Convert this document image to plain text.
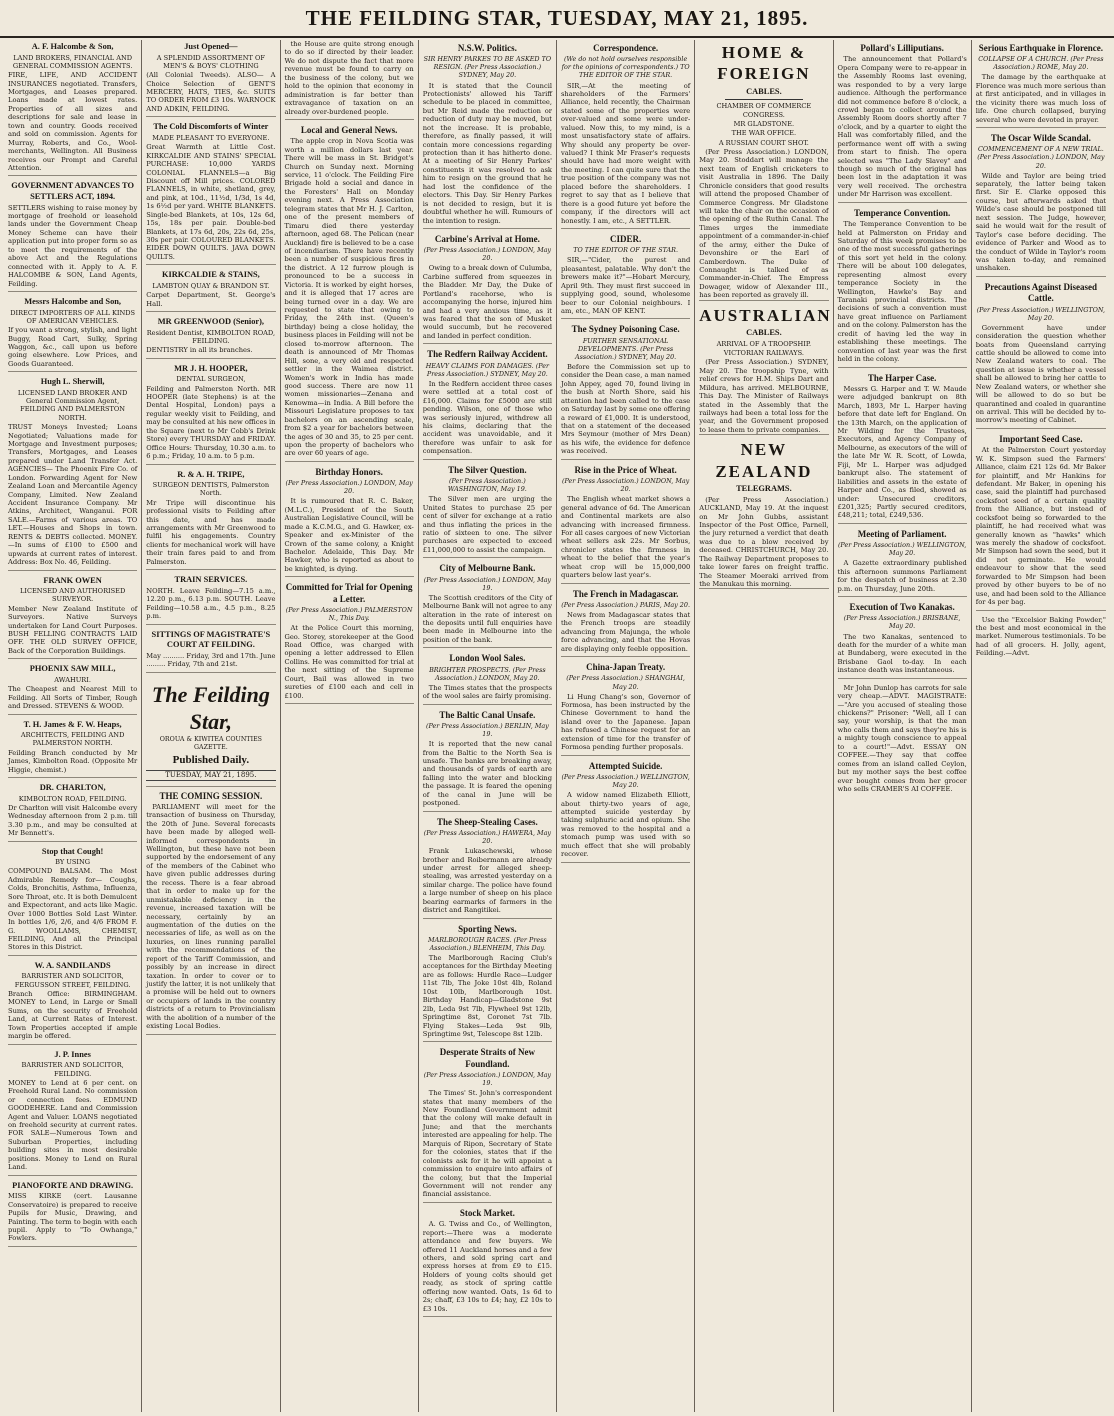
THE FEILDING STAR, TUESDAY, MAY 21, 1895.
A. F. Halcombe & Son,
LAND BROKERS, FINANCIAL AND GENERAL COMMISSION AGENTS.

FIRE, LIFE, AND ACCIDENT INSURANCES negotiated. Transfers, Mortgages, and Leases prepared. Loans made at lowest rates. Properties of all sizes and descriptions for sale and lease in town and country. Goods received and sold on commission. Agents for Murray, Roberts, and Co., Wool-merchants, Wellington. All Business receives our Prompt and Careful Attention.

GOVERNMENT ADVANCES TO SETTLERS ACT, 1894.

SETTLERS wishing to raise money by mortgage of freehold or leasehold lands under the Government Cheap Money Scheme can have their application put into proper form so as to meet the requirements of the above Act and the Regulations connected with it. Apply to A. F. HALCOMBE & SON, Land Agents, Feilding.

Messrs Halcombe and Son,
DIRECT IMPORTERS OF ALL KINDS OF AMERICAN VEHICLES.

If you want a strong, stylish, and light Buggy, Road Cart, Sulky, Spring Waggon, &c., call upon us before going elsewhere. Low Prices, and Goods Guaranteed.

Hugh L. Sherwill,
LICENSED LAND BROKER AND General Commission Agent, FEILDING AND PALMERSTON NORTH.

TRUST Moneys Invested; Loans Negotiated; Valuations made for Mortgage and Investment purposes; Transfers, Mortgages, and Leases prepared under Land Transfer Act. AGENCIES— The Phoenix Fire Co. of London. Forwarding Agent for New Zealand Loan and Mercantile Agency Company, Limited. New Zealand Accident Insurance Company. Mr Atkins, Architect, Wanganui. FOR SALE.—Farms of various areas. TO LET.—Houses and Shops in town. RENTS & DEBTS collected. MONEY.—In sums of £100 to £500 and upwards at current rates of interest. Address: Box No. 46, Feilding.

FRANK OWEN
LICENSED AND AUTHORISED SURVEYOR.

Member New Zealand Institute of Surveyors. Native Surveys undertaken for Land Court Purposes. BUSH FELLING CONTRACTS LAID OFF. THE OLD SURVEY OFFICE, Back of the Corporation Buildings.

PHOENIX SAW MILL,
AWAHURI.

The Cheapest and Nearest Mill to Feilding. All Sorts of Timber, Rough and Dressed. STEVENS & WOOD.

T. H. James & F. W. Heaps,
ARCHITECTS, FEILDING AND PALMERSTON NORTH.

Feilding Branch conducted by Mr James, Kimbolton Road. (Opposite Mr Higgie, chemist.)

DR. CHARLTON,
KIMBOLTON ROAD, FEILDING.

Dr Charlton will visit Halcombe every Wednesday afternoon from 2 p.m. till 3.30 p.m., and may be consulted at Mr Bennett's.

Stop that Cough!
BY USING

COMPOUND BALSAM. The Most Admirable Remedy for— Coughs, Colds, Bronchitis, Asthma, Influenza, Sore Throat, etc. It is both Demulcent and Expectorant, and acts like Magic. Over 1000 Bottles Sold Last Winter. In bottles 1/6, 2/6, and 4/6 FROM F. G. WOOLLAMS, CHEMIST, FEILDING, And all the Principal Stores in this District.

W. A. SANDILANDS
BARRISTER AND SOLICITOR, FERGUSSON STREET, FEILDING.

Branch Office: BIRMINGHAM. MONEY to Lend, in Large or Small Sums, on the security of Freehold Land, at Current Rates of Interest. Town Properties accepted if ample margin be offered.

J. P. Innes
BARRISTER AND SOLICITOR, FEILDING.

MONEY to Lend at 6 per cent. on Freehold Rural Land. No commission or connection fees. EDMUND GOODEHERE. Land and Commission Agent and Valuer. LOANS negotiated on freehold security at current rates. FOR SALE—Numerous Town and Suburban Properties, including building sites in most desirable positions. Money to Lend on Rural Land.

PIANOFORTE AND DRAWING.

MISS KIRKE (cert. Lausanne Conservatoire) is prepared to receive Pupils for Music, Drawing, and Painting. The term to begin with each pupil. Apply to "To Owhanga," Fowlers.

Just Opened—
A SPLENDID ASSORTMENT OF MEN'S & BOYS' CLOTHING

(All Colonial Tweeds). ALSO— A Choice Selection of GENT'S MERCERY, HATS, TIES, &c. SUITS TO ORDER FROM £3 10s. WARNOCK AND ADKIN, FEILDING.

The Cold Discomforts of Winter
MADE PLEASANT TO EVERYONE.

Great Warmth at Little Cost. KIRKCALDIE AND STAINS' SPECIAL PURCHASE: 10,000 YARDS COLONIAL FLANNELS—a Big Discount off Mill prices. COLORED FLANNELS, in white, shetland, grey, and pink, at 10d., 11½d, 1/3d, 1s 4d, 1s 6½d per yard. WHITE BLANKETS. Single-bed Blankets, at 10s, 12s 6d, 15s, 18s per pair. Double-bed Blankets, at 17s 6d, 20s, 22s 6d, 25s, 30s per pair. COLOURED BLANKETS. EIDER DOWN QUILTS. JAVA DOWN QUILTS.

KIRKCALDIE & STAINS,
LAMBTON QUAY & BRANDON ST.

Carpet Department, St. George's Hall.

MR GREENWOOD (Senior),
Resident Dentist, KIMBOLTON ROAD, FEILDING.

DENTISTRY in all its branches.

MR J. H. HOOPER,
DENTAL SURGEON,

Feilding and Palmerston North. MR HOOPER (late Stephens) is at the Dental Hospital, London) pays a regular weekly visit to Feilding, and may be consulted at his new offices in the Square (next to Mr Cobb's Drink Store) every THURSDAY and FRIDAY. Office Hours: Thursday, 10.30 a.m. to 6 p.m.; Friday, 10 a.m. to 5 p.m.

R. & A. H. TRIPE,
SURGEON DENTISTS, Palmerston North.

Mr Tripe will discontinue his professional visits to Feilding after this date, and has made arrangements with Mr Greenwood to fulfil his engagements. Country clients for mechanical work will have their train fares paid to and from Palmerston.

TRAIN SERVICES.

NORTH. Leave Feilding—7.15 a.m., 12.20 p.m., 6.13 p.m. SOUTH. Leave Feilding—10.58 a.m., 4.5 p.m., 8.25 p.m.

SITTINGS OF MAGISTRATE'S COURT AT FEILDING.

May .......... Friday, 3rd and 17th. June ......... Friday, 7th and 21st.

The Feilding Star,
OROUA & KIWITEA COUNTIES GAZETTE.
Published Daily.
TUESDAY, MAY 21, 1895.
THE COMING SESSION.

PARLIAMENT will meet for the transaction of business on Thursday, the 20th of June. Several forecasts have been made by alleged well-informed correspondents in Wellington, but these have not been supported by the endorsement of any of the members of the Cabinet who have given public addresses during the recess. There is a fear abroad that in order to make up for the unmistakable deficiency in the revenue, increased taxation will be necessary, certainly by an augmentation of the duties on the necessaries of life, as well as on the luxuries, on lines running parallel with the recommendations of the report of the Tariff Commission, and possibly by an increase in direct taxation. In order to cover or to justify the latter, it is not unlikely that a promise will be held out to owners or occupiers of lands in the country districts of a return to Provincialism with the abolition of a number of the existing Local Bodies.

the House are quite strong enough to do so if directed by their leader. We do not dispute the fact that more revenue must be found to carry on the business of the colony, but we hold to the opinion that economy in administration is far better than extravagance of taxation on an already over-burdened people.

Local and General News.

The apple crop in Nova Scotia was worth a million dollars last year. There will be mass in St. Bridget's Church on Sunday next. Morning service, 11 o'clock. The Feilding Fire Brigade hold a social and dance in the Foresters' Hall on Monday evening next. A Press Association telegram states that Mr H. J. Carlton, one of the present members of Timaru died there yesterday afternoon, aged 68. The Pelican (near Auckland) fire is believed to be a case of incendiarism. There have recently been a number of suspicious fires in the district. A 12 furrow plough is pronounced to be a success in Victoria. It is worked by eight horses, and it is alleged that 17 acres are being turned over in a day. We are requested to state that owing to Friday, the 24th inst. (Queen's birthday) being a close holiday, the business places in Feilding will not be closed to-morrow afternoon. The death is announced of Mr Thomas Hill, sone, a very old and respected settler in the Waimea district. Women's work in India has made good success. There are now 11 women missionaries—Zenana and Kenowma—in India. A Bill before the Missouri Legislature proposes to tax bachelors on an ascending scale, from $2 a year for bachelors between the ages of 30 and 35, to 25 per cent. upon the property of bachelors who are over 60 years of age.

Birthday Honors.
(Per Press Association.) LONDON, May 20.

It is rumoured that R. C. Baker, (M.L.C.), President of the South Australian Legislative Council, will be made a K.C.M.G., and G. Hawker, ex-Speaker and ex-Minister of the Crown of the same colony, a Knight Bachelor. Adelaide, This Day. Mr Hawker, who is reported as about to be knighted, is dying.

Committed for Trial for Opening a Letter.
(Per Press Association.) PALMERSTON N., This Day.

At the Police Court this morning, Geo. Storey, storekeeper at the Good Road Office, was charged with opening a letter addressed to Ellen Collins. He was committed for trial at the next sitting of the Supreme Court, Bail was allowed in two sureties of £100 each and cell in £100.

N.S.W. Politics.
SIR HENRY PARKES TO BE ASKED TO RESIGN. (Per Press Association.) SYDNEY, May 20.

It is stated that the Council Protectionists' allowed his Tariff schedule to be placed in committee, but Mr Reid made the reduction or reduction of duty may be moved, but not the increase. It is probable, therefore, as finally passed, it will contain more concessions regarding protection than it has hitherto done. At a meeting of Sir Henry Parkes' constituents it was resolved to ask him to resign on the ground that he had lost the confidence of the electors. This Day. Sir Henry Parkes is not decided to resign, but it is doubtful whether he will. Rumours of the intention to resign.

Carbine's Arrival at Home.
(Per Press Association.) LONDON, May 20.

Owing to a break down of Culumba, Carbine suffered from squeezes in the Bladder. Mr Day, the Duke of Portland's racehorse, who is accompanying the horse, injured him and had a very anxious time, as it was feared that the son of Musket would succumb, but he recovered and landed in perfect condition.

The Redfern Railway Accident.
HEAVY CLAIMS FOR DAMAGES. (Per Press Association.) SYDNEY, May 20.

In the Redfern accident three cases were settled at a total cost of £16,000. Claims for £5000 are still pending. Wilson, one of those who was seriously injured, withdrew all his claims, declaring that the accident was unavoidable, and it therefore was unfair to ask for compensation.

The Silver Question.
(Per Press Association.) WASHINGTON, May 19.

The Silver men are urging the United States to purchase 25 per cent of silver for exchange at a ratio and thus inflating the prices in the ratio of sixteen to one. The silver purchases are expected to exceed £11,000,000 to assist the campaign.

City of Melbourne Bank.
(Per Press Association.) LONDON, May 19.

The Scottish creditors of the City of Melbourne Bank will not agree to any alteration in the rate of interest on the deposits until full enquiries have been made in Melbourne into the position of the bank.

London Wool Sales.
BRIGHTER PROSPECTS. (Per Press Association.) LONDON, May 20.

The Times states that the prospects of the wool sales are fairly promising.

The Baltic Canal Unsafe.
(Per Press Association.) BERLIN, May 19.

It is reported that the new canal from the Baltic to the North Sea is unsafe. The banks are breaking away, and thousands of yards of earth are falling into the water and blocking the passage. It is feared the opening of the canal in June will be postponed.

The Sheep-Stealing Cases.
(Per Press Association.) HAWERA, May 20.

Frank Lukaschewski, whose brother and Roibermann are already under arrest for alleged sheep-stealing, was arrested yesterday on a similar charge. The police have found a large number of sheep on his place bearing earmarks of farmers in the district and Rangitikei.

Sporting News.
MARLBOROUGH RACES. (Per Press Association.) BLENHEIM, This Day.

The Marlborough Racing Club's acceptances for the Birthday Meeting are as follows: Hurdle Race—Ludger 11st 7lb, The Joke 10st 4lb, Roland 10st 10lb, Marlborough 10st. Birthday Handicap—Gladstone 9st 2lb, Leda 9st 7lb, Flywheel 9st 12lb, Springtime 8st, Coronet 7st 7lb. Flying Stakes—Leda 9st 9lb, Springtime 9st, Telescope 8st 12lb.

Desperate Straits of New Foundland.
(Per Press Association.) LONDON, May 19.

The Times' St. John's correspondent states that many members of the New Foundland Government admit that the colony will make default in June; and that the merchants interested are appealing for help. The Marquis of Ripon, Secretary of State for the colonies, states that if the colonists ask for it he will appoint a commission to enquire into affairs of the colony, but that the Imperial Government will not render any financial assistance.

Stock Market.

A. G. Twiss and Co., of Wellington, report:—There was a moderate attendance and few buyers. We offered 11 Auckland horses and a few others, and sold spring cart and express horses at from £9 to £15. Holders of young colts should get ready, as stock of spring cattle offering now wanted. Oats, 1s 6d to 2s; chaff, £3 10s to £4; hay, £2 10s to £3 10s.

Correspondence.
(We do not hold ourselves responsible for the opinions of correspondents.) TO THE EDITOR OF THE STAR.

SIR,—At the meeting of shareholders of the Farmers' Alliance, held recently, the Chairman stated some of the properties were over-valued and some were under-valued. Now this, to my mind, is a most unsatisfactory state of affairs. Why should any property be over-valued? I think Mr Fraser's requests should have had more weight with the meeting. I can quite sure that the true position of the company was not placed before the shareholders. I regret to say that as I believe that there is a good future yet before the company, if the directors will act honestly. I am, etc., A SETTLER.

CIDER.
TO THE EDITOR OF THE STAR.

SIR,—"Cider, the purest and pleasantest, palatable. Why don't the brewers make it?"—Hobart Mercury, April 9th. They must first succeed in supplying good, sound, wholesome beer to our Colonial neighbours. I am, etc., MAN OF KENT.

The Sydney Poisoning Case.
FURTHER SENSATIONAL DEVELOPMENTS. (Per Press Association.) SYDNEY, May 20.

Before the Commission set up to consider the Dean case, a man named John Appey, aged 70, found living in the bush at North Shore, said his attention had been called to the case on Saturday last by some one offering a reward of £1,000. It is understood, that on a statement of the deceased Mrs Seymour (mother of Mrs Dean) as his wife, the evidence for defence was received.

Rise in the Price of Wheat.
(Per Press Association.) LONDON, May 20.

The English wheat market shows a general advance of 6d. The American and Continental markets are also advancing with increased firmness. For all cases cargoes of new Victorian wheat sellers ask 22s. Mr Sorbus, chronicler states the firmness in wheat to the belief that the year's wheat crop will be 15,000,000 quarters below last year's.

The French in Madagascar.
(Per Press Association.) PARIS, May 20.

News from Madagascar states that the French troops are steadily advancing from Majunga, the whole force advancing, and that the Hovas are displaying only feeble opposition.

China-Japan Treaty.
(Per Press Association.) SHANGHAI, May 20.

Li Hung Chang's son, Governor of Formosa, has been instructed by the Chinese Government to hand the island over to the Japanese. Japan has refused a Chinese request for an extension of time for the transfer of Formosa pending further proposals.

Attempted Suicide.
(Per Press Association.) WELLINGTON, May 20.

A widow named Elizabeth Elliott, about thirty-two years of age, attempted suicide yesterday by taking sulphuric acid and opium. She was removed to the hospital and a stomach pump was used with so much effect that she will probably recover.

HOME & FOREIGN
CABLES.
CHAMBER OF COMMERCE CONGRESS.
MR GLADSTONE.
THE WAR OFFICE.
A RUSSIAN COURT SHOT.

(Per Press Association.) LONDON, May 20. Stoddart will manage the next team of English cricketers to visit Australia in 1896. The Daily Chronicle considers that good results will attend the proposed Chamber of Commerce Congress. Mr Gladstone will take the chair on the occasion of the opening of the Ruthin Canal. The Times urges the immediate appointment of a commander-in-chief of the army, either the Duke of Devonshire or the Earl of Camberdown. The Duke of Connaught is talked of as Commander-in-Chief. The Empress Dowager, widow of Alexander III., has been reported as gravely ill.

AUSTRALIAN
CABLES.
ARRIVAL OF A TROOPSHIP.
VICTORIAN RAILWAYS.

(Per Press Association.) SYDNEY, May 20. The troopship Tyne, with relief crews for H.M. Ships Dart and Mildura, has arrived. MELBOURNE, This Day. The Minister of Railways stated in the Assembly that the railways had been a total loss for the year, and the Government proposed to lease them to private companies.

NEW ZEALAND
TELEGRAMS.

(Per Press Association.) AUCKLAND, May 19. At the inquest on Mr John Gubbs, assistant Inspector of the Post Office, Parnell, the jury returned a verdict that death was due to a blow received by deceased. CHRISTCHURCH, May 20. The Railway Department proposes to take lower fares on freight traffic. The Steamer Moeraki arrived from the Manukau this morning.

Pollard's Lilliputians.

The announcement that Pollard's Opera Company were to re-appear in the Assembly Rooms last evening, was responded to by a very large audience. Although the performance did not commence before 8 o'clock, a crowd began to collect around the Assembly Room doors shortly after 7 o'clock, and by a quarter to eight the Hall was comfortably filled, and the performance went off with a swing from start to finish. The opera selected was "The Lady Slavey" and though so much of the original has been lost in the adaptation it was very well received. The orchestra under Mr Harrison was excellent.

Temperance Convention.

The Temperance Convention to be held at Palmerston on Friday and Saturday of this week promises to be one of the most successful gatherings of this sort yet held in the colony. There will be about 100 delegates, representing almost every temperance Society in the Wellington, Hawke's Bay and Taranaki provincial districts. The decisions of such a convention must have great influence on Parliament and on the colony. Palmerston has the credit of having led the way in establishing these meetings. The convention of last year was the first held in the colony.

The Harper Case.

Messrs G. Harper and T. W. Maude were adjudged bankrupt on 8th March, 1893, Mr L. Harper having before that date left for England. On the 13th March, on the application of Mr Wilding for the Trustees, Executors, and Agency Company of Melbourne, as executors of the will of the late Mr W. R. Scott, of Lowda, Fiji, Mr L. Harper was adjudged bankrupt also. The statement of liabilities and assets in the estate of Harper and Co., as filed, showed as under: Unsecured creditors, £201,325; Partly secured creditors, £48,211; total, £249,536.

Meeting of Parliament.
(Per Press Association.) WELLINGTON, May 20.

A Gazette extraordinary published this afternoon summons Parliament for the despatch of business at 2.30 p.m. on Thursday, June 20th.

Execution of Two Kanakas.
(Per Press Association.) BRISBANE, May 20.

The two Kanakas, sentenced to death for the murder of a white man at Bundaberg, were executed in the Brisbane Gaol to-day. In each instance death was instantaneous.

Mr John Dunlop has carrots for sale very cheap.—ADVT. MAGISTRATE:—"Are you accused of stealing those chickens?" Prisoner: "Well, all I can say, your worship, is that the man who calls them and says they're his is a mighty tough conscience to appeal to a court!"—Advt. ESSAY ON COFFEE.—They say that coffee comes from an island called Ceylon, but my mother says the best coffee ever bought comes from her grocer who sells CRAMER'S AI COFFEE.

Serious Earthquake in Florence.
COLLAPSE OF A CHURCH. (Per Press Association.) ROME, May 20.

The damage by the earthquake at Florence was much more serious than at first anticipated, and in villages in the vicinity there was much loss of life. One church collapsed, burying several who were devoted in prayer.

The Oscar Wilde Scandal.
COMMENCEMENT OF A NEW TRIAL. (Per Press Association.) LONDON, May 20.

Wilde and Taylor are being tried separately, the latter being taken first. Sir E. Clarke opposed this course, but afterwards asked that Wilde's case should be postponed till next session. The Judge, however, said he would wait for the result of Taylor's case before deciding. The evidence of Parker and Wood as to the conduct of Wilde in Taylor's room was taken to-day, and remained unshaken.

Precautions Against Diseased Cattle.
(Per Press Association.) WELLINGTON, May 20.

Government have under consideration the question whether boats from Queensland carrying cattle should be allowed to come into New Zealand waters to coal. The question at issue is whether a vessel shall be allowed to bring her cattle to New Zealand waters, or whether she will be allowed to do so but be quarantined and coaled in quarantine on arrival. This will be decided by to-morrow's meeting of Cabinet.

Important Seed Case.

At the Palmerston Court yesterday W. K. Simpson sued the Farmers' Alliance, claim £21 12s 6d. Mr Baker for plaintiff, and Mr Hankins for defendant. Mr Baker, in opening his case, said the plaintiff had purchased cocksfoot seed of a certain quality from the Alliance, but instead of cocksfoot being so forwarded to the plaintiff, he had received what was generally known as "hawks" which was merely the shadow of cocksfoot. Mr Simpson had sown the seed, but it did not germinate. He would endeavour to show that the seed forwarded to Mr Simpson had been proved by other buyers to be of no use, and had been sold to the Alliance for 4s per bag.

Use the "Excelsior Baking Powder," the best and most economical in the market. Numerous testimonials. To be had of all grocers. H. Jolly, agent, Feilding.—Advt.
